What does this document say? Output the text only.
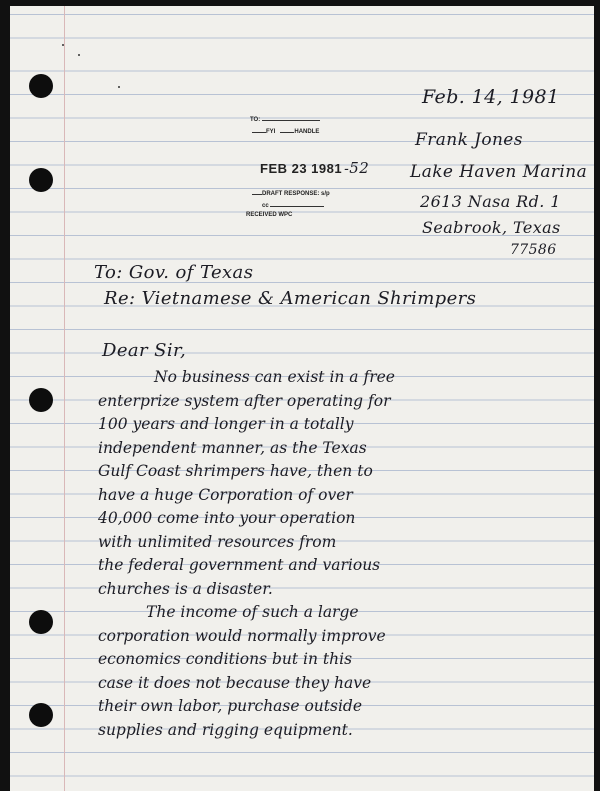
Feb. 14, 1981
TO:
FYI	HANDLE
FEB 23 1981 -52
DRAFT RESPONSE: s/p
cc
RECEIVED WPC
Frank Jones
Lake Haven Marina
2613 Nasa Rd. 1
Seabrook, Texas
77586
To: Gov. of Texas
Re: Vietnamese & American Shrimpers
Dear Sir,
No business can exist in a free
enterprize system after operating for
100 years and longer in a totally
independent manner, as the Texas
Gulf Coast shrimpers have, then to
have a huge Corporation of over
40,000 come into your operation
with unlimited resources from
the federal government and various
churches is a disaster.
The income of such a large
corporation would normally improve
economics conditions but in this
case it does not because they have
their own labor, purchase outside
supplies and rigging equipment.
